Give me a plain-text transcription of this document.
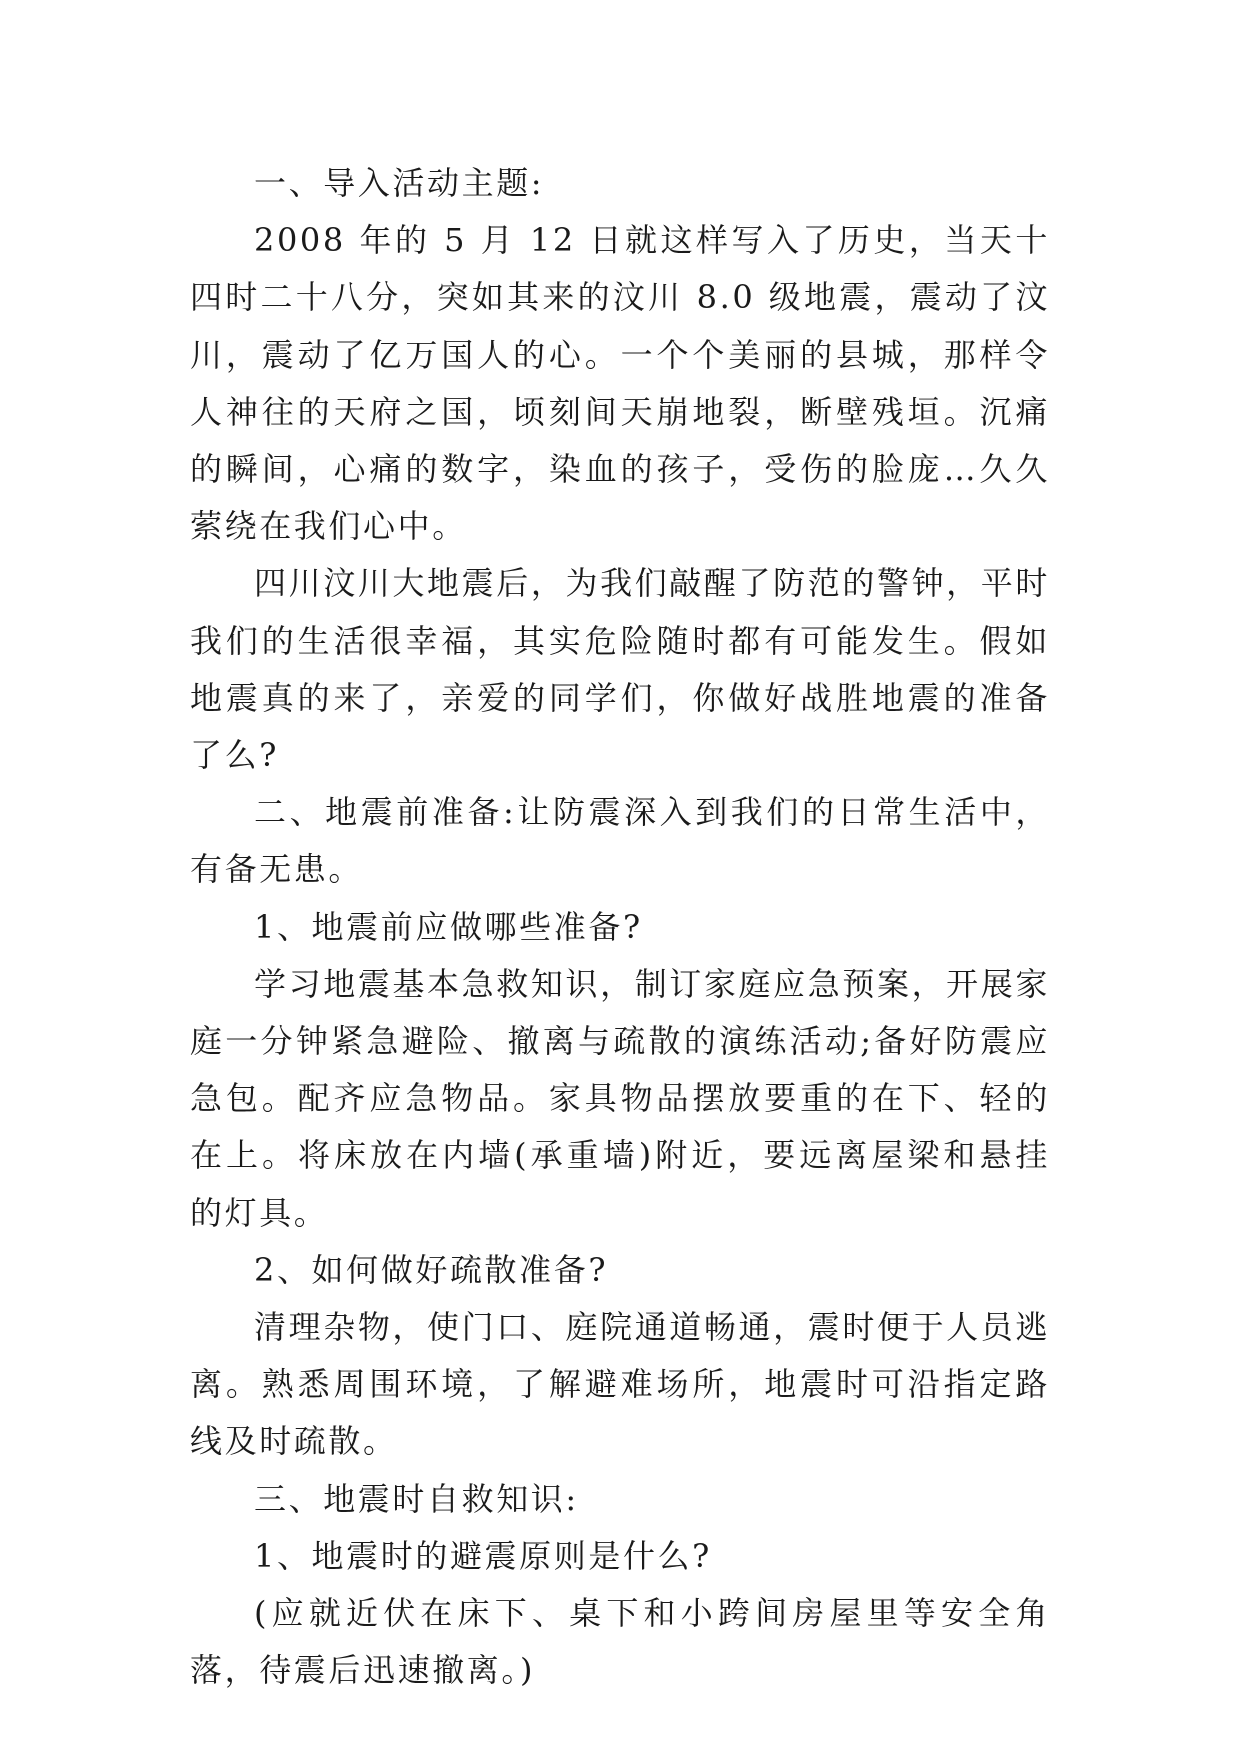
一、导入活动主题:

2008 年的 5 月 12 日就这样写入了历史，当天十四时二十八分，突如其来的汶川 8.0 级地震，震动了汶川，震动了亿万国人的心。一个个美丽的县城，那样令人神往的天府之国，顷刻间天崩地裂，断壁残垣。沉痛的瞬间，心痛的数字，染血的孩子，受伤的脸庞…久久萦绕在我们心中。

四川汶川大地震后，为我们敲醒了防范的警钟，平时我们的生活很幸福，其实危险随时都有可能发生。假如地震真的来了，亲爱的同学们，你做好战胜地震的准备了么?

二、地震前准备:让防震深入到我们的日常生活中，有备无患。

1、地震前应做哪些准备?

学习地震基本急救知识，制订家庭应急预案，开展家庭一分钟紧急避险、撤离与疏散的演练活动;备好防震应急包。配齐应急物品。家具物品摆放要重的在下、轻的在上。将床放在内墙(承重墙)附近，要远离屋梁和悬挂的灯具。

2、如何做好疏散准备?

清理杂物，使门口、庭院通道畅通，震时便于人员逃离。熟悉周围环境，了解避难场所，地震时可沿指定路线及时疏散。

三、地震时自救知识:

1、地震时的避震原则是什么?

(应就近伏在床下、桌下和小跨间房屋里等安全角落，待震后迅速撤离。)
